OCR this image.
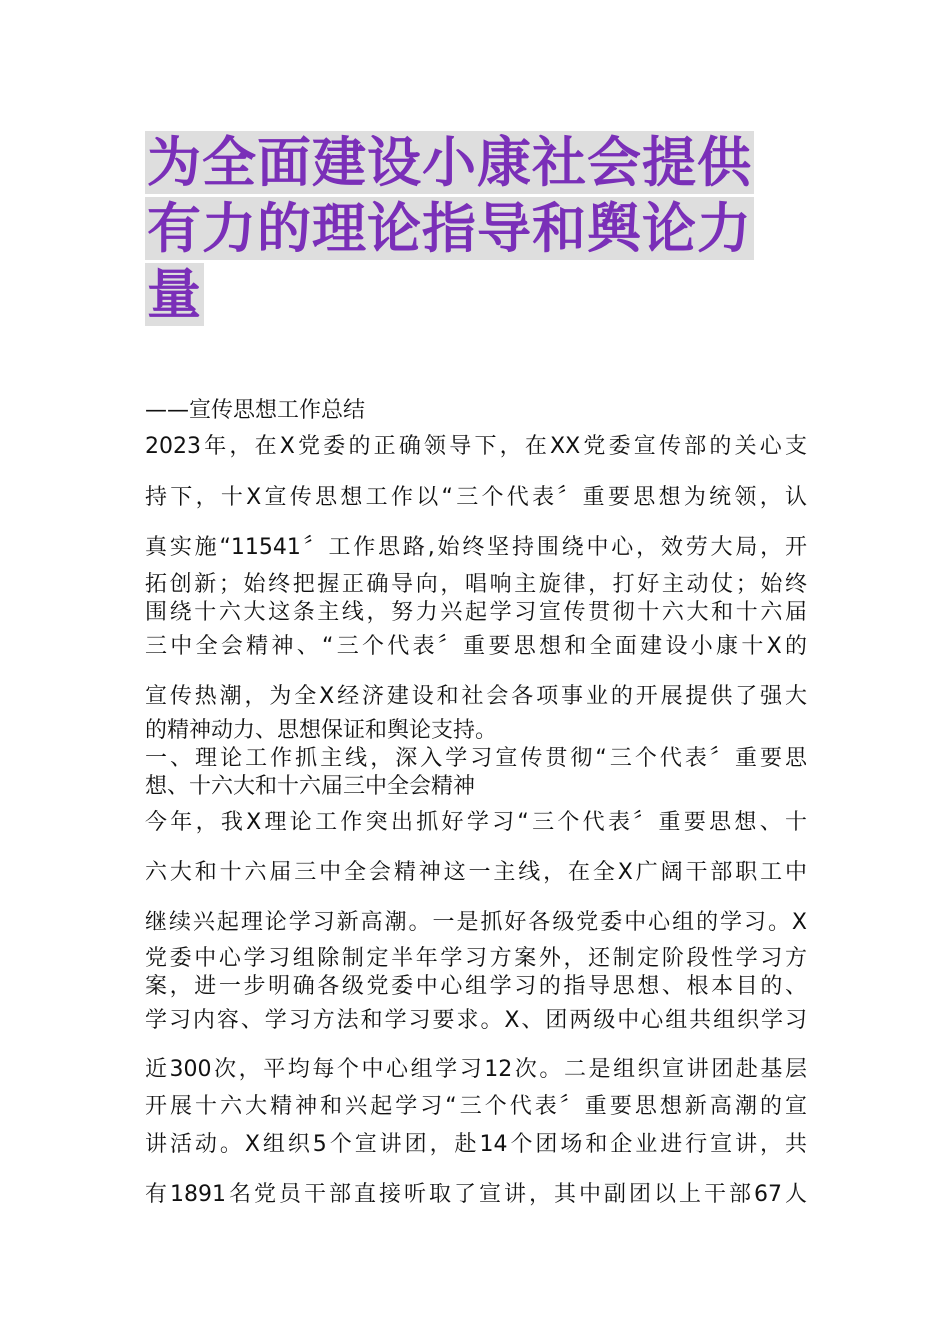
为全面建设小康社会提供
有力的理论指导和舆论力
量

——宣传思想工作总结

2023年，在X党委的正确领导下，在XX党委宣传部的关心支
持下，十X宣传思想工作以“三个代表〞重要思想为统领，认
真实施“11541〞工作思路,始终坚持围绕中心，效劳大局，开
拓创新；始终把握正确导向，唱响主旋律，打好主动仗；始终
围绕十六大这条主线，努力兴起学习宣传贯彻十六大和十六届
三中全会精神、“三个代表〞重要思想和全面建设小康十X的
宣传热潮，为全X经济建设和社会各项事业的开展提供了强大
的精神动力、思想保证和舆论支持。
一、理论工作抓主线，深入学习宣传贯彻“三个代表〞重要思
想、十六大和十六届三中全会精神
今年，我X理论工作突出抓好学习“三个代表〞重要思想、十
六大和十六届三中全会精神这一主线，在全X广阔干部职工中
继续兴起理论学习新高潮。一是抓好各级党委中心组的学习。X
党委中心学习组除制定半年学习方案外，还制定阶段性学习方
案，进一步明确各级党委中心组学习的指导思想、根本目的、
学习内容、学习方法和学习要求。X、团两级中心组共组织学习
近300次，平均每个中心组学习12次。二是组织宣讲团赴基层
开展十六大精神和兴起学习“三个代表〞重要思想新高潮的宣
讲活动。X组织5个宣讲团，赴14个团场和企业进行宣讲，共
有1891名党员干部直接听取了宣讲，其中副团以上干部67人
